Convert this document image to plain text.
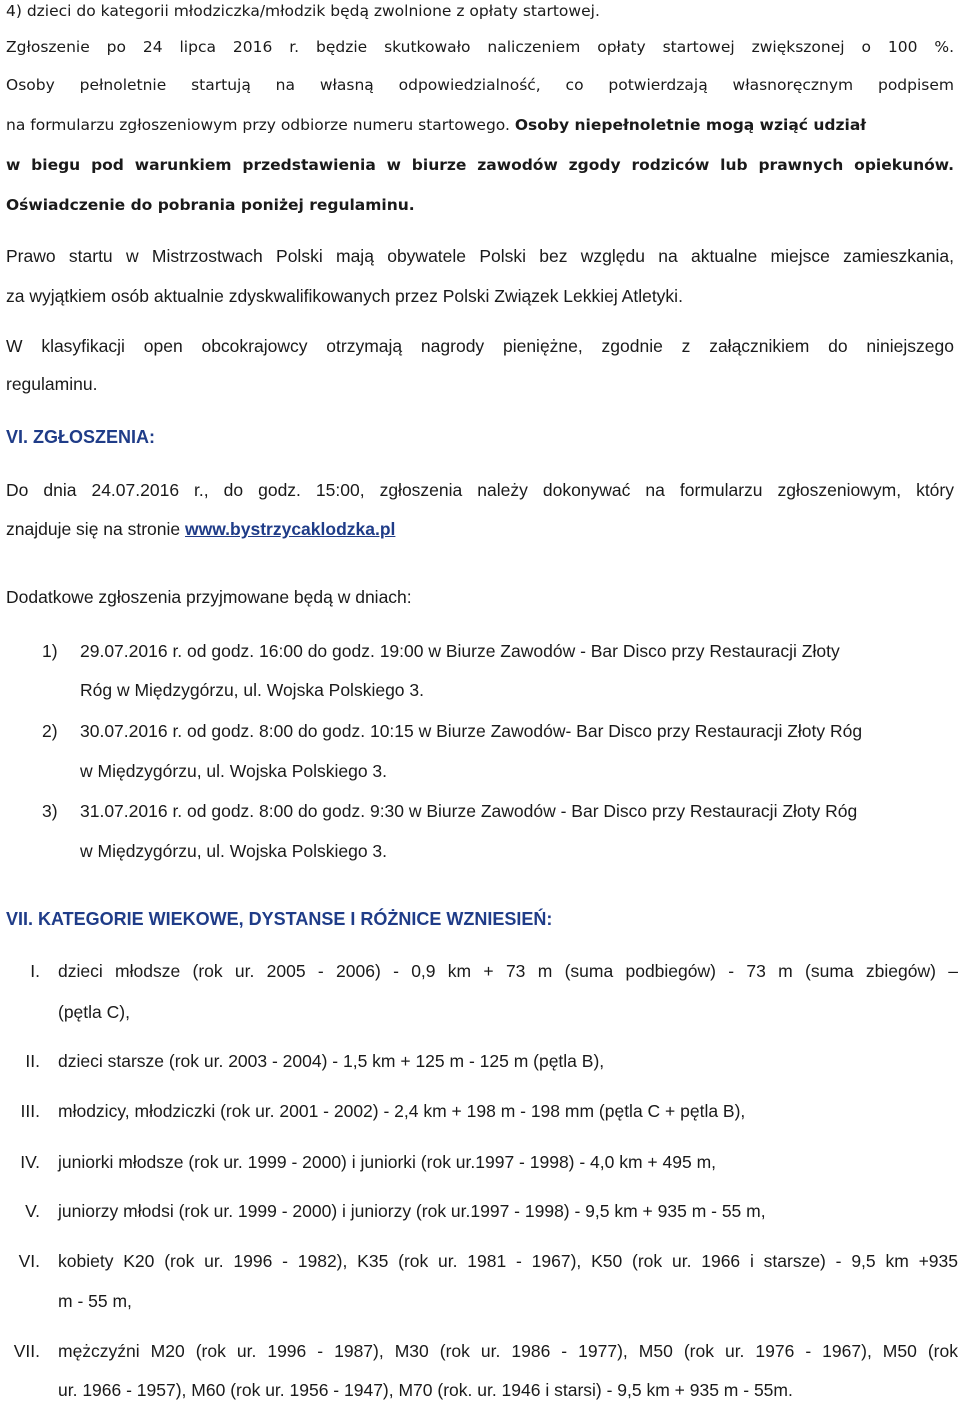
4) dzieci do kategorii młodziczka/młodzik będą zwolnione z opłaty startowej.
Zgłoszenie po 24 lipca 2016 r. będzie skutkowało naliczeniem opłaty startowej zwiększonej o 100 %.
Osoby pełnoletnie startują na własną odpowiedzialność, co potwierdzają własnoręcznym podpisem
na formularzu zgłoszeniowym przy odbiorze numeru startowego. Osoby niepełnoletnie mogą wziąć udział
w biegu pod warunkiem przedstawienia w biurze zawodów zgody rodziców lub prawnych opiekunów.
Oświadczenie do pobrania poniżej regulaminu.
Prawo startu w Mistrzostwach Polski mają obywatele Polski bez względu na aktualne miejsce zamieszkania,
za wyjątkiem osób aktualnie zdyskwalifikowanych przez Polski Związek Lekkiej Atletyki.
W klasyfikacji open obcokrajowcy otrzymają nagrody pieniężne, zgodnie z załącznikiem do niniejszego
regulaminu.
VI. ZGŁOSZENIA:
Do dnia 24.07.2016 r., do godz. 15:00, zgłoszenia należy dokonywać na formularzu zgłoszeniowym, który
znajduje się na stronie www.bystrzycaklodzka.pl
Dodatkowe zgłoszenia przyjmowane będą w dniach:
1)	29.07.2016 r. od godz. 16:00 do godz. 19:00 w Biurze Zawodów - Bar Disco przy Restauracji Złoty
Róg w Międzygórzu, ul. Wojska Polskiego 3.
2)	30.07.2016 r. od godz. 8:00 do godz. 10:15 w Biurze Zawodów- Bar Disco przy Restauracji Złoty Róg
w Międzygórzu, ul. Wojska Polskiego 3.
3)	31.07.2016 r. od godz. 8:00 do godz. 9:30 w Biurze Zawodów - Bar Disco przy Restauracji Złoty Róg
w Międzygórzu, ul. Wojska Polskiego 3.
VII. KATEGORIE WIEKOWE, DYSTANSE I RÓŻNICE WZNIESIEŃ:
I. dzieci młodsze (rok ur. 2005 - 2006) - 0,9 km + 73 m (suma podbiegów) - 73 m (suma zbiegów) –
(pętla C),
II. dzieci starsze (rok ur. 2003 - 2004) - 1,5 km + 125 m - 125 m (pętla B),
III. młodzicy, młodziczki (rok ur. 2001 - 2002) - 2,4 km + 198 m - 198 mm (pętla C + pętla B),
IV. juniorki młodsze (rok ur. 1999 - 2000) i juniorki (rok ur.1997 - 1998) - 4,0 km + 495 m,
V. juniorzy młodsi (rok ur. 1999 - 2000) i juniorzy (rok ur.1997 - 1998) - 9,5 km + 935 m - 55 m,
VI. kobiety K20 (rok ur. 1996 - 1982), K35 (rok ur. 1981 - 1967), K50 (rok ur. 1966 i starsze) - 9,5 km +935
m - 55 m,
VII. mężczyźni M20 (rok ur. 1996 - 1987), M30 (rok ur. 1986 - 1977), M50 (rok ur. 1976 - 1967), M50 (rok
ur. 1966 - 1957), M60 (rok ur. 1956 - 1947), M70 (rok. ur. 1946 i starsi) - 9,5 km + 935 m - 55m.
